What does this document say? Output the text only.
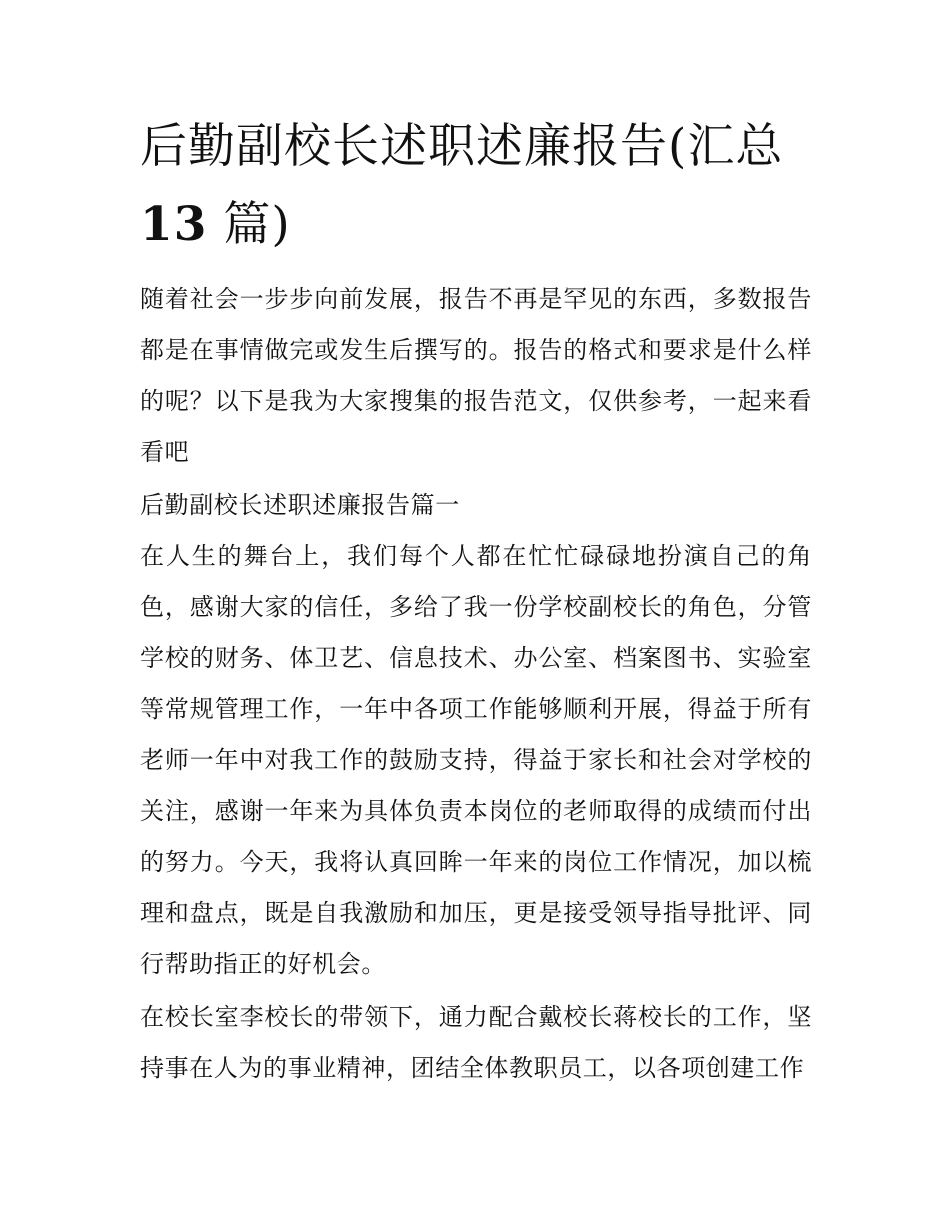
后勤副校长述职述廉报告(汇总
13 篇)

随着社会一步步向前发展，报告不再是罕见的东西，多数报告都是在事情做完或发生后撰写的。报告的格式和要求是什么样的呢？以下是我为大家搜集的报告范文，仅供参考，一起来看看吧

后勤副校长述职述廉报告篇一

在人生的舞台上，我们每个人都在忙忙碌碌地扮演自己的角色，感谢大家的信任，多给了我一份学校副校长的角色，分管学校的财务、体卫艺、信息技术、办公室、档案图书、实验室等常规管理工作，一年中各项工作能够顺利开展，得益于所有老师一年中对我工作的鼓励支持，得益于家长和社会对学校的关注，感谢一年来为具体负责本岗位的老师取得的成绩而付出的努力。今天，我将认真回眸一年来的岗位工作情况，加以梳理和盘点，既是自我激励和加压，更是接受领导指导批评、同行帮助指正的好机会。

在校长室李校长的带领下，通力配合戴校长蒋校长的工作，坚持事在人为的事业精神，团结全体教职员工，以各项创建工作
